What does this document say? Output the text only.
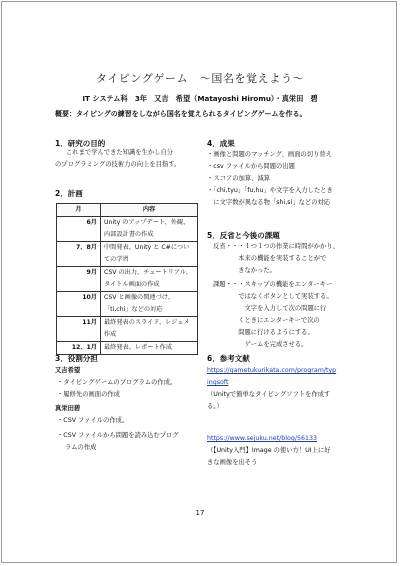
タイピングゲーム　〜国名を覚えよう〜
IT システム科　3年　又吉　希望（Matayoshi Hiromu）・真栄田　碧
概要：タイピングの練習をしながら国名を覚えられるタイピングゲームを作る。
1．研究の目的
これまで学んできた知識を生かし自分
のプログラミングの技術力の向上を目指す。
2．計画
月	内容
6月	Unity のアップデート、外観、内部設計書の作成
7、8月	中間発表、Unity と C#についての学習
9月	CSV の出力、チュートリアル、タイトル画面の作成
10月	CSV と画像の関連づけ、「ti,chi」などの対応
11月	最終発表のスライド、レジュメ作成
12、1月	最終発表、レポート作成
3．役割分担
又吉希望
・タイピングゲームのプログラムの作成。
・履修先の画面の作成
真栄田碧
・CSV ファイルの作成。
・CSV ファイルから問題を読み込むプログ
ラムの作成
4．成果
・画像と問題のマッチング、画面の切り替え
・csv ファイルから問題の出題
・スコアの加算、減算
・「chi,tyu」「fu,hu」や文字を入力したとき
　に文字数が異なる物「shi,si」などの対応
5．反省と今後の課題
反省・・・１つ１つの作業に時間がかかり、
　　　　本来の機能を実装することがで
　　　　きなかった。
課題・・・スキップの機能をエンターキー
　　　　ではなくボタンとして実装する。
　　　　　文字を入力して次の問題に行
　　　　くときにエンターキーで次の
　　　　問題に行けるようにする。
　　　　　ゲームを完成させる。
6．参考文献
https://gametukurikata.com/program/typ
ingsoft
（Unityで簡単なタイピングソフトを作成す
る。）
https://www.sejuku.net/blog/56133
（【Unity入門】Image の使い方！UI上に好
きな画像を出そう
17
